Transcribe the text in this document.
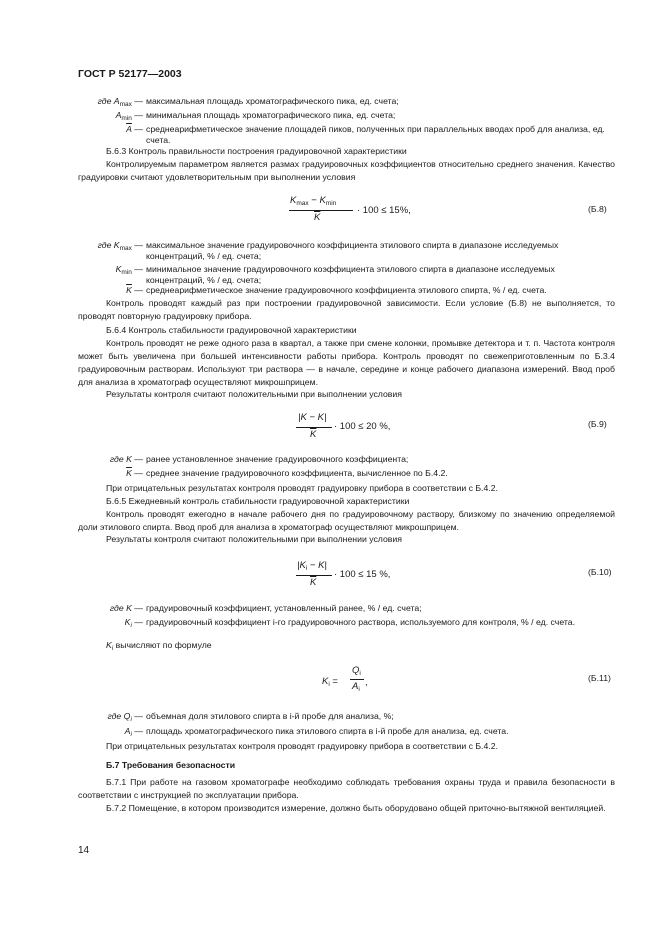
ГОСТ Р 52177—2003
где $A_{max}$ — максимальная площадь хроматографического пика, ед. счета;
$A_{min}$ — минимальная площадь хроматографического пика, ед. счета;
$\overline{A}$ — среднеарифметическое значение площадей пиков, полученных при параллельных вводах проб для анализа, ед. счета.
Б.6.3 Контроль правильности построения градуировочной характеристики
Контролируемым параметром является размах градуировочных коэффициентов относительно среднего значения. Качество градуировки считают удовлетворительным при выполнении условия
$K_{max} - K_{min}$
$\overline{K}$
· 100 ≤ 15%,	(Б.8)
где $K_{max}$ — максимальное значение градуировочного коэффициента этилового спирта в диапазоне исследуемых концентраций, % / ед. счета;
$K_{min}$ — минимальное значение градуировочного коэффициента этилового спирта в диапазоне исследуемых концентраций, % / ед. счета;
$\overline{K}$ — среднеарифметическое значение градуировочного коэффициента этилового спирта, % / ед. счета.
Контроль проводят каждый раз при построении градуировочной зависимости. Если условие (Б.8) не выполняется, то проводят повторную градуировку прибора.
Б.6.4 Контроль стабильности градуировочной характеристики
Контроль проводят не реже одного раза в квартал, а также при смене колонки, промывке детектора и т. п. Частота контроля может быть увеличена при большей интенсивности работы прибора. Контроль проводят по свежеприготовленным по Б.3.4 градуировочным растворам. Используют три раствора — в начале, середине и конце рабочего диапазона измерений. Ввод проб для анализа в хроматограф осуществляют микрошприцем.
Результаты контроля считают положительными при выполнении условия
|K − K|
$\overline{K}$
· 100 ≤ 20 %,	(Б.9)
где K — ранее установленное значение градуировочного коэффициента;
$\overline{K}$ — среднее значение градуировочного коэффициента, вычисленное по Б.4.2.
При отрицательных результатах контроля проводят градуировку прибора в соответствии с Б.4.2.
Б.6.5 Ежедневный контроль стабильности градуировочной характеристики
Контроль проводят ежегодно в начале рабочего дня по градуировочному раствору, близкому по значению определяемой доли этилового спирта. Ввод проб для анализа в хроматограф осуществляют микрошприцем.
Результаты контроля считают положительными при выполнении условия
$|K_i - K|$
$\overline{K}$
· 100 ≤ 15 %,	(Б.10)
где K — градуировочный коэффициент, установленный ранее, % / ед. счета;
$K_i$ — градуировочный коэффициент i-го градуировочного раствора, используемого для контроля, % / ед. счета.
$K_i$ вычисляют по формуле
$K_i$ =
$Q_i$
$A_i$
,	(Б.11)
где $Q_i$ — объемная доля этилового спирта в i-й пробе для анализа, %;
$A_i$ — площадь хроматографического пика этилового спирта в i-й пробе для анализа, ед. счета.
При отрицательных результатах контроля проводят градуировку прибора в соответствии с Б.4.2.
Б.7 Требования безопасности
Б.7.1 При работе на газовом хроматографе необходимо соблюдать требования охраны труда и правила безопасности в соответствии с инструкцией по эксплуатации прибора.
Б.7.2 Помещение, в котором производится измерение, должно быть оборудовано общей приточно-вытяжной вентиляцией.
14
